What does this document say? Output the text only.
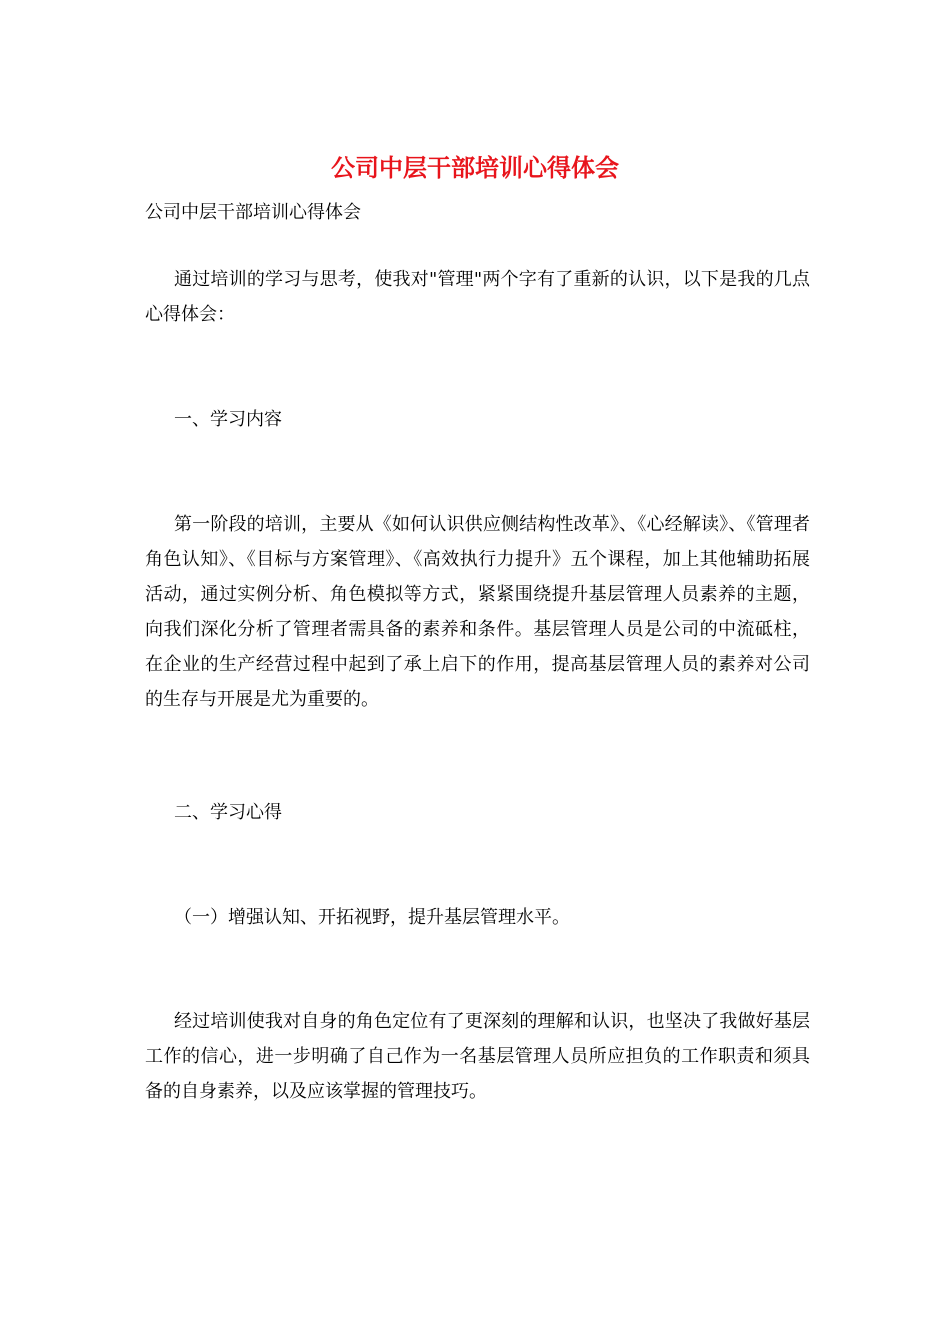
公司中层干部培训心得体会

公司中层干部培训心得体会

通过培训的学习与思考，使我对"管理"两个字有了重新的认识，以下是我的几点心得体会：

一、学习内容

第一阶段的培训，主要从《如何认识供应侧结构性改革》、《心经解读》、《管理者角色认知》、《目标与方案管理》、《高效执行力提升》五个课程，加上其他辅助拓展活动，通过实例分析、角色模拟等方式，紧紧围绕提升基层管理人员素养的主题，向我们深化分析了管理者需具备的素养和条件。基层管理人员是公司的中流砥柱，在企业的生产经营过程中起到了承上启下的作用，提高基层管理人员的素养对公司的生存与开展是尤为重要的。

二、学习心得

（一）增强认知、开拓视野，提升基层管理水平。

经过培训使我对自身的角色定位有了更深刻的理解和认识，也坚决了我做好基层工作的信心，进一步明确了自己作为一名基层管理人员所应担负的工作职责和须具备的自身素养，以及应该掌握的管理技巧。
